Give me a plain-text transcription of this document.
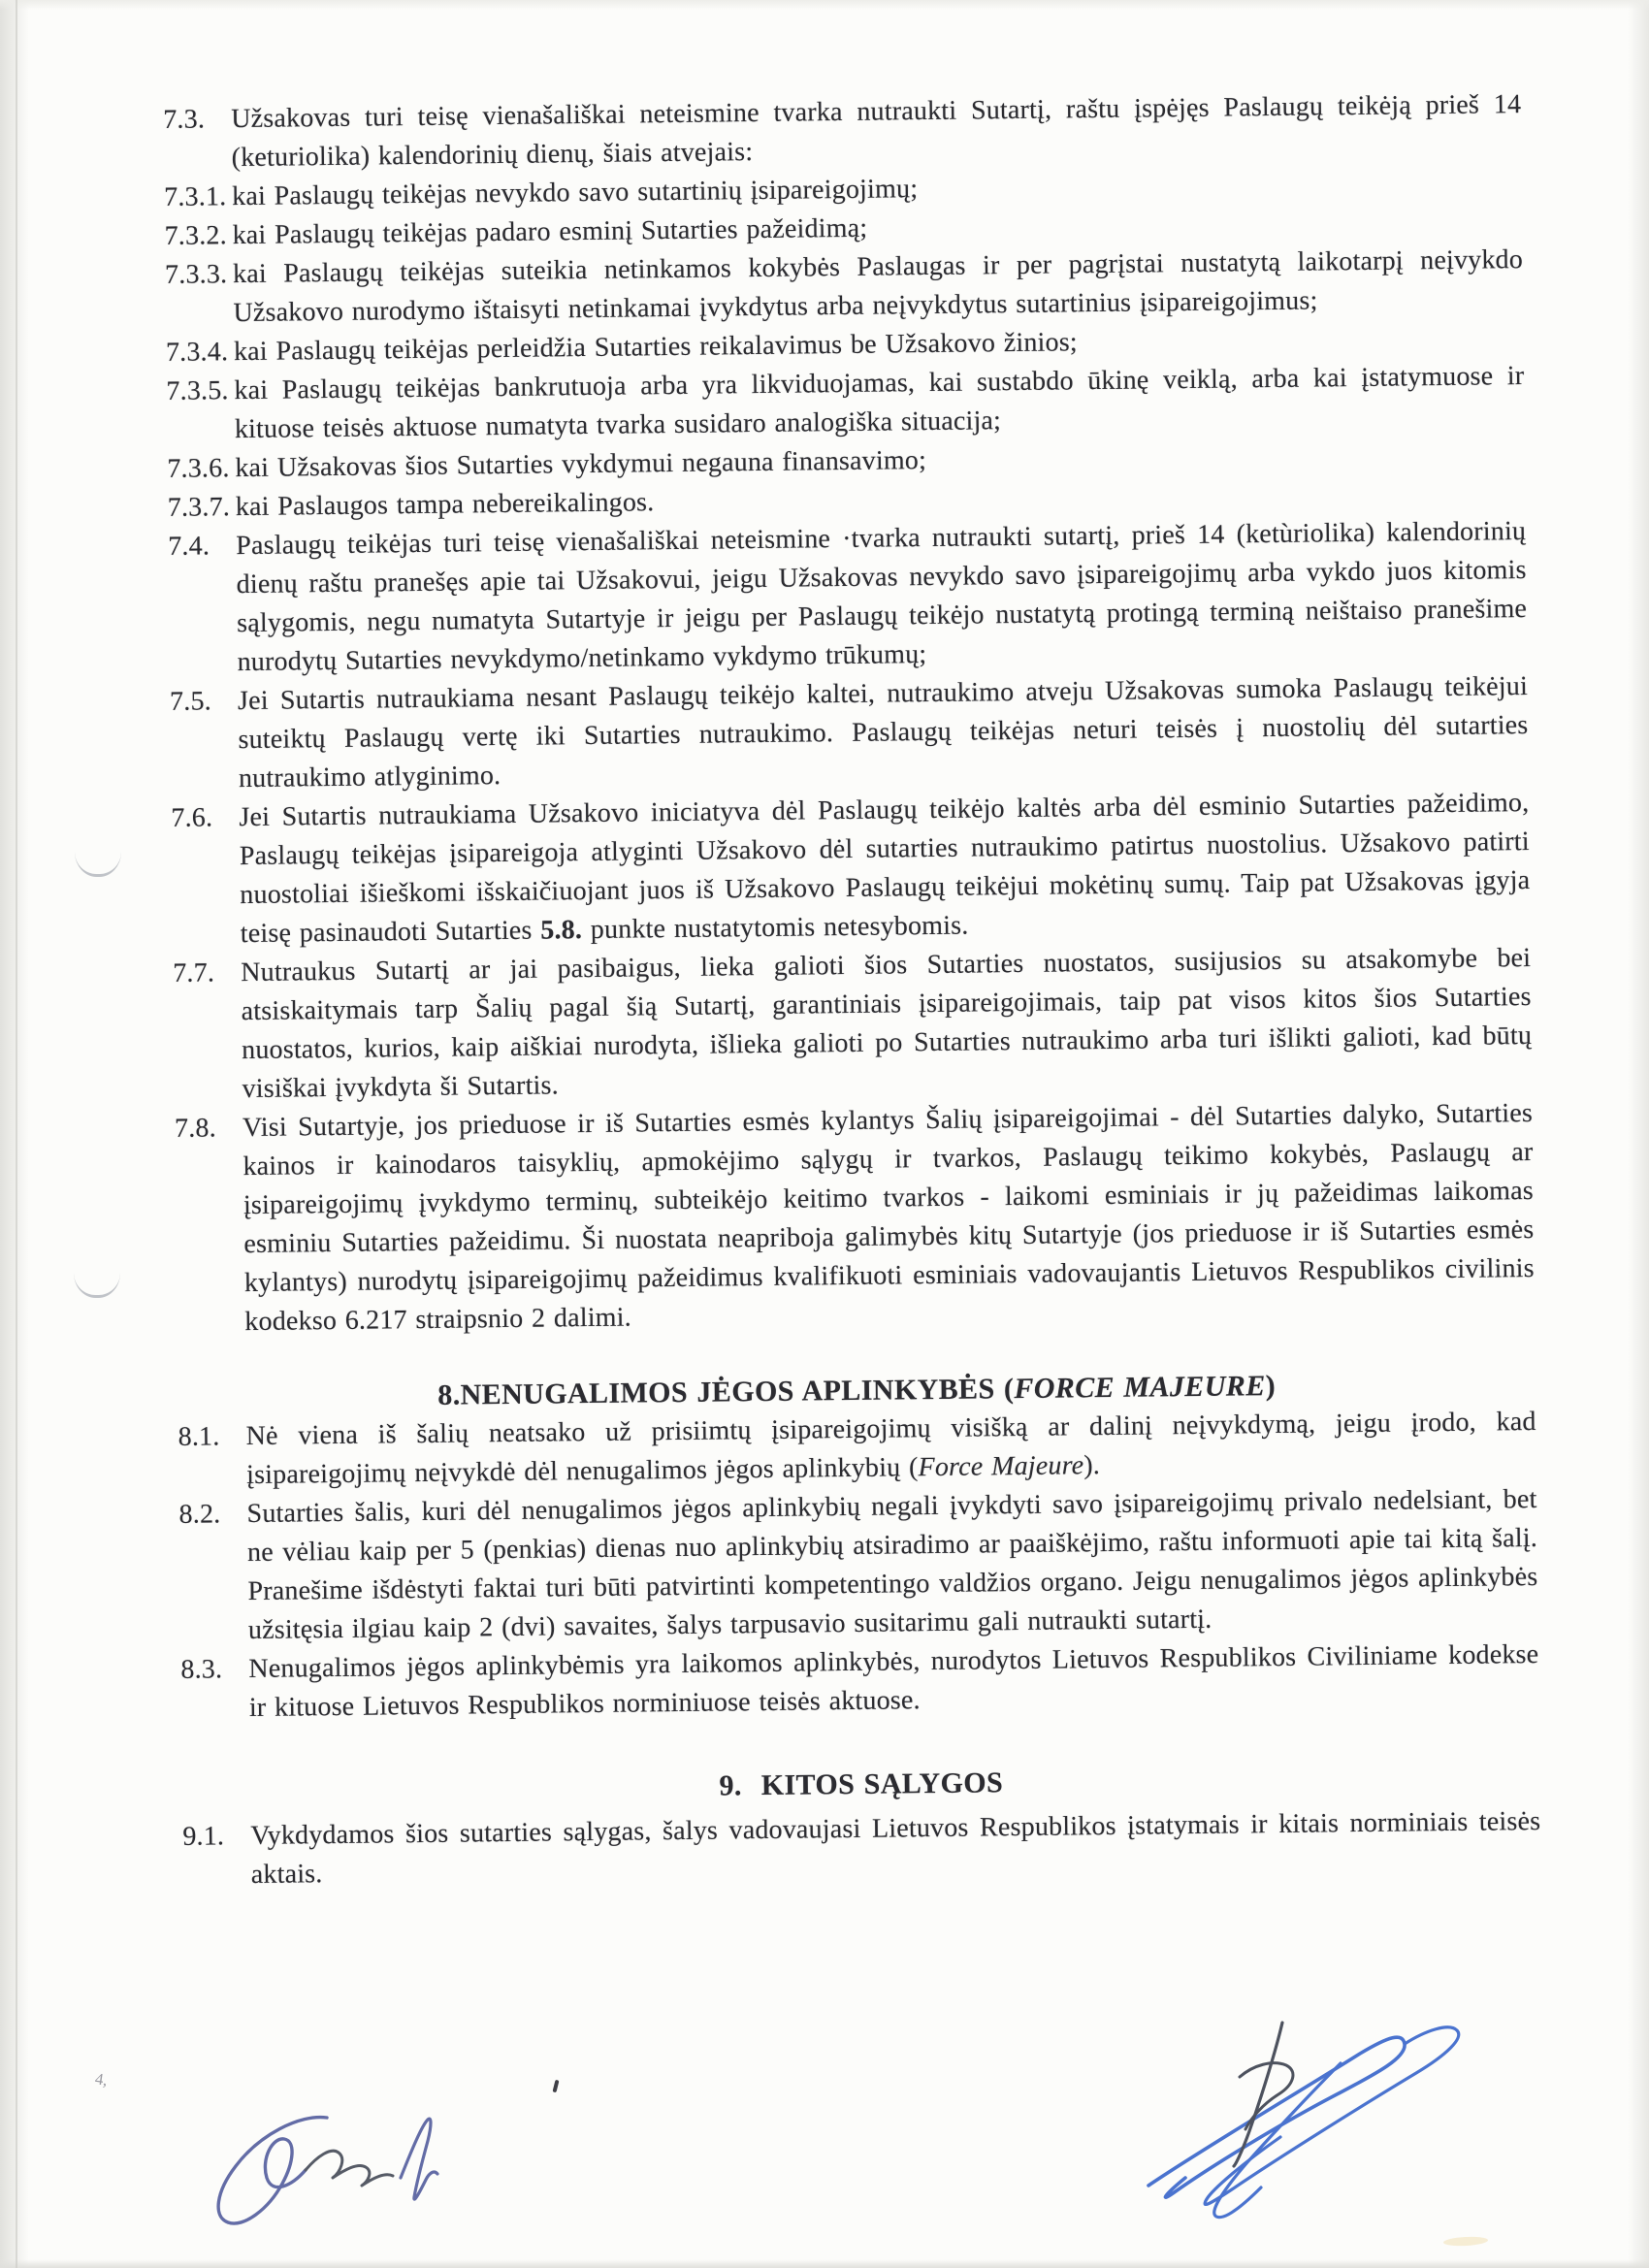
7.3. Užsakovas turi teisę vienašališkai neteismine tvarka nutraukti Sutartį, raštu įspėjęs Paslaugų teikėją prieš 14 (keturiolika) kalendorinių dienų, šiais atvejais:
7.3.1. kai Paslaugų teikėjas nevykdo savo sutartinių įsipareigojimų;
7.3.2. kai Paslaugų teikėjas padaro esminį Sutarties pažeidimą;
7.3.3. kai Paslaugų teikėjas suteikia netinkamos kokybės Paslaugas ir per pagrįstai nustatytą laikotarpį neįvykdo Užsakovo nurodymo ištaisyti netinkamai įvykdytus arba neįvykdytus sutartinius įsipareigojimus;
7.3.4. kai Paslaugų teikėjas perleidžia Sutarties reikalavimus be Užsakovo žinios;
7.3.5. kai Paslaugų teikėjas bankrutuoja arba yra likviduojamas, kai sustabdo ūkinę veiklą, arba kai įstatymuose ir kituose teisės aktuose numatyta tvarka susidaro analogiška situacija;
7.3.6. kai Užsakovas šios Sutarties vykdymui negauna finansavimo;
7.3.7. kai Paslaugos tampa nebereikalingos.
7.4. Paslaugų teikėjas turi teisę vienašališkai neteismine ·tvarka nutraukti sutartį, prieš 14 (ketùriolika) kalendorinių dienų raštu pranešęs apie tai Užsakovui, jeigu Užsakovas nevykdo savo įsipareigojimų arba vykdo juos kitomis sąlygomis, negu numatyta Sutartyje ir jeigu per Paslaugų teikėjo nustatytą protingą terminą neištaiso pranešime nurodytų Sutarties nevykdymo/netinkamo vykdymo trūkumų;
7.5. Jei Sutartis nutraukiama nesant Paslaugų teikėjo kaltei, nutraukimo atveju Užsakovas sumoka Paslaugų teikėjui suteiktų Paslaugų vertę iki Sutarties nutraukimo. Paslaugų teikėjas neturi teisės į nuostolių dėl sutarties nutraukimo atlyginimo.
7.6. Jei Sutartis nutraukiama Užsakovo iniciatyva dėl Paslaugų teikėjo kaltės arba dėl esminio Sutarties pažeidimo, Paslaugų teikėjas įsipareigoja atlyginti Užsakovo dėl sutarties nutraukimo patirtus nuostolius. Užsakovo patirti nuostoliai išieškomi išskaičiuojant juos iš Užsakovo Paslaugų teikėjui mokėtinų sumų. Taip pat Užsakovas įgyja teisę pasinaudoti Sutarties 5.8. punkte nustatytomis netesybomis.
7.7. Nutraukus Sutartį ar jai pasibaigus, lieka galioti šios Sutarties nuostatos, susijusios su atsakomybe bei atsiskaitymais tarp Šalių pagal šią Sutartį, garantiniais įsipareigojimais, taip pat visos kitos šios Sutarties nuostatos, kurios, kaip aiškiai nurodyta, išlieka galioti po Sutarties nutraukimo arba turi išlikti galioti, kad būtų visiškai įvykdyta ši Sutartis.
7.8. Visi Sutartyje, jos prieduose ir iš Sutarties esmės kylantys Šalių įsipareigojimai - dėl Sutarties dalyko, Sutarties kainos ir kainodaros taisyklių, apmokėjimo sąlygų ir tvarkos, Paslaugų teikimo kokybės, Paslaugų ar įsipareigojimų įvykdymo terminų, subteikėjo keitimo tvarkos - laikomi esminiais ir jų pažeidimas laikomas esminiu Sutarties pažeidimu. Ši nuostata neapriboja galimybės kitų Sutartyje (jos prieduose ir iš Sutarties esmės kylantys) nurodytų įsipareigojimų pažeidimus kvalifikuoti esminiais vadovaujantis Lietuvos Respublikos civilinis kodekso 6.217 straipsnio 2 dalimi.
8.NENUGALIMOS JĖGOS APLINKYBĖS (FORCE MAJEURE)
8.1. Nė viena iš šalių neatsako už prisiimtų įsipareigojimų visišką ar dalinį neįvykdymą, jeigu įrodo, kad įsipareigojimų neįvykdė dėl nenugalimos jėgos aplinkybių (Force Majeure).
8.2. Sutarties šalis, kuri dėl nenugalimos jėgos aplinkybių negali įvykdyti savo įsipareigojimų privalo nedelsiant, bet ne vėliau kaip per 5 (penkias) dienas nuo aplinkybių atsiradimo ar paaiškėjimo, raštu informuoti apie tai kitą šalį. Pranešime išdėstyti faktai turi būti patvirtinti kompetentingo valdžios organo. Jeigu nenugalimos jėgos aplinkybės užsitęsia ilgiau kaip 2 (dvi) savaites, šalys tarpusavio susitarimu gali nutraukti sutartį.
8.3. Nenugalimos jėgos aplinkybėmis yra laikomos aplinkybės, nurodytos Lietuvos Respublikos Civiliniame kodekse ir kituose Lietuvos Respublikos norminiuose teisės aktuose.
9. KITOS SĄLYGOS
9.1. Vykdydamos šios sutarties sąlygas, šalys vadovaujasi Lietuvos Respublikos įstatymais ir kitais norminiais teisės aktais.
4,
